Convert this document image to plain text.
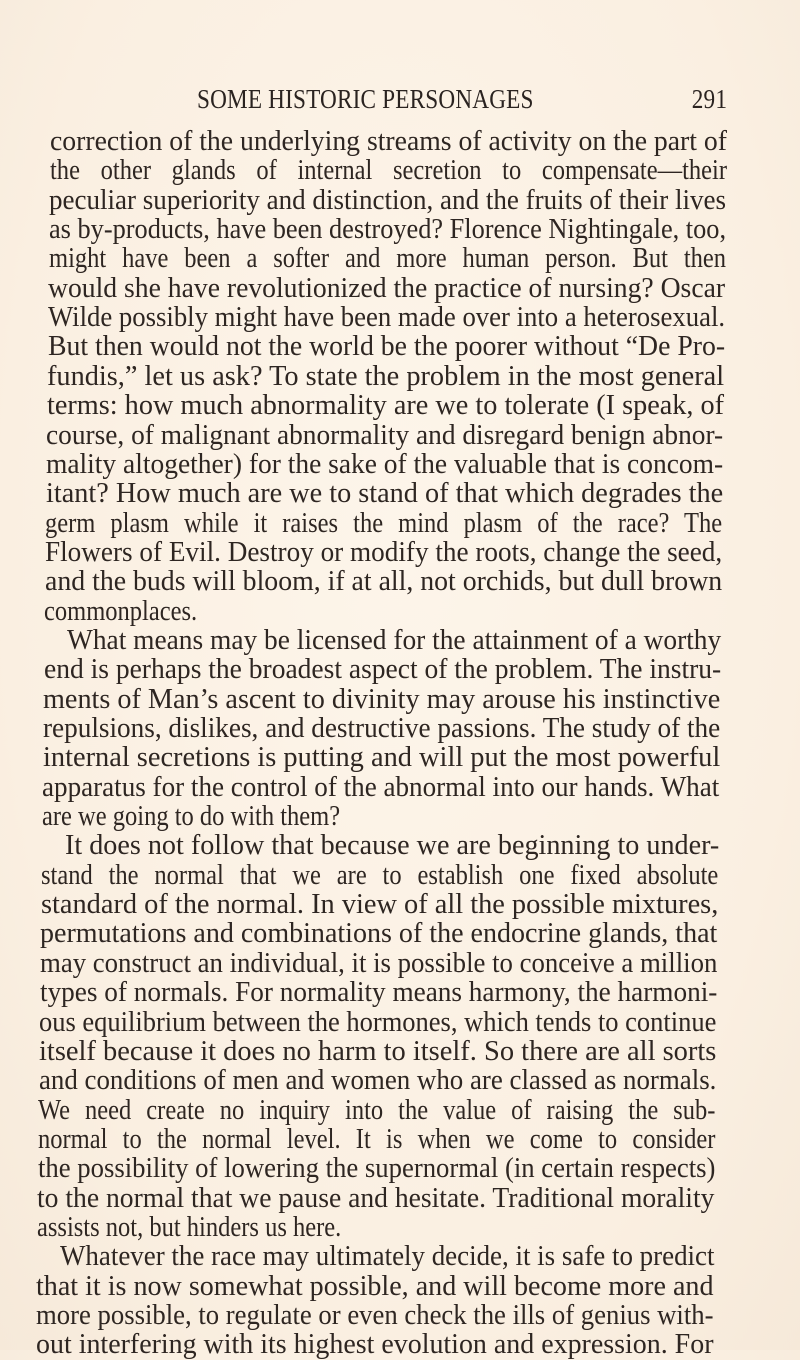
SOME HISTORIC PERSONAGES	291
correction of the underlying streams of activity on the part of
the other glands of internal secretion to compensate—their
peculiar superiority and distinction, and the fruits of their lives
as by-products, have been destroyed? Florence Nightingale, too,
might have been a softer and more human person. But then
would she have revolutionized the practice of nursing? Oscar
Wilde possibly might have been made over into a heterosexual.
But then would not the world be the poorer without “De Pro-
fundis,” let us ask? To state the problem in the most general
terms: how much abnormality are we to tolerate (I speak, of
course, of malignant abnormality and disregard benign abnor-
mality altogether) for the sake of the valuable that is concom-
itant? How much are we to stand of that which degrades the
germ plasm while it raises the mind plasm of the race? The
Flowers of Evil. Destroy or modify the roots, change the seed,
and the buds will bloom, if at all, not orchids, but dull brown
commonplaces.
What means may be licensed for the attainment of a worthy
end is perhaps the broadest aspect of the problem. The instru-
ments of Man’s ascent to divinity may arouse his instinctive
repulsions, dislikes, and destructive passions. The study of the
internal secretions is putting and will put the most powerful
apparatus for the control of the abnormal into our hands. What
are we going to do with them?
It does not follow that because we are beginning to under-
stand the normal that we are to establish one fixed absolute
standard of the normal. In view of all the possible mixtures,
permutations and combinations of the endocrine glands, that
may construct an individual, it is possible to conceive a million
types of normals. For normality means harmony, the harmoni-
ous equilibrium between the hormones, which tends to continue
itself because it does no harm to itself. So there are all sorts
and conditions of men and women who are classed as normals.
We need create no inquiry into the value of raising the sub-
normal to the normal level. It is when we come to consider
the possibility of lowering the supernormal (in certain respects)
to the normal that we pause and hesitate. Traditional morality
assists not, but hinders us here.
Whatever the race may ultimately decide, it is safe to predict
that it is now somewhat possible, and will become more and
more possible, to regulate or even check the ills of genius with-
out interfering with its highest evolution and expression. For
